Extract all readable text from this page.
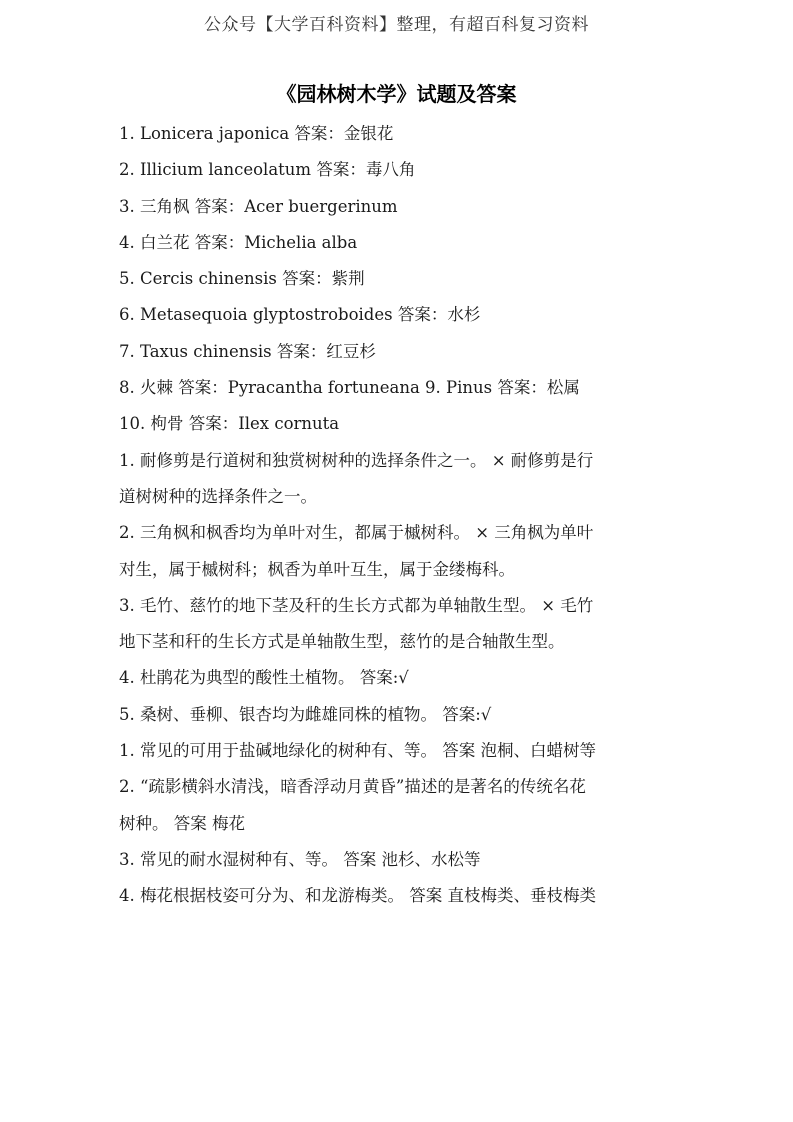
公众号【大学百科资料】整理，有超百科复习资料
《园林树木学》试题及答案
1. Lonicera japonica 答案：金银花
2. Illicium lanceolatum 答案：毒八角
3. 三角枫 答案：Acer buergerinum
4. 白兰花 答案：Michelia alba
5. Cercis chinensis 答案：紫荆
6. Metasequoia glyptostroboides 答案：水杉
7. Taxus chinensis 答案：红豆杉
8. 火棘 答案：Pyracantha fortuneana 9. Pinus 答案：松属
10. 枸骨 答案：Ilex cornuta
1. 耐修剪是行道树和独赏树树种的选择条件之一。 × 耐修剪是行
道树树种的选择条件之一。
2. 三角枫和枫香均为单叶对生，都属于槭树科。 × 三角枫为单叶
对生，属于槭树科；枫香为单叶互生，属于金缕梅科。
3. 毛竹、慈竹的地下茎及秆的生长方式都为单轴散生型。 × 毛竹
地下茎和秆的生长方式是单轴散生型，慈竹的是合轴散生型。
4. 杜鹃花为典型的酸性土植物。 答案:√
5. 桑树、垂柳、银杏均为雌雄同株的植物。 答案:√
1. 常见的可用于盐碱地绿化的树种有、等。 答案 泡桐、白蜡树等
2. “疏影横斜水清浅，暗香浮动月黄昏”描述的是著名的传统名花
树种。 答案 梅花
3. 常见的耐水湿树种有、等。 答案 池杉、水松等
4. 梅花根据枝姿可分为、和龙游梅类。 答案 直枝梅类、垂枝梅类
